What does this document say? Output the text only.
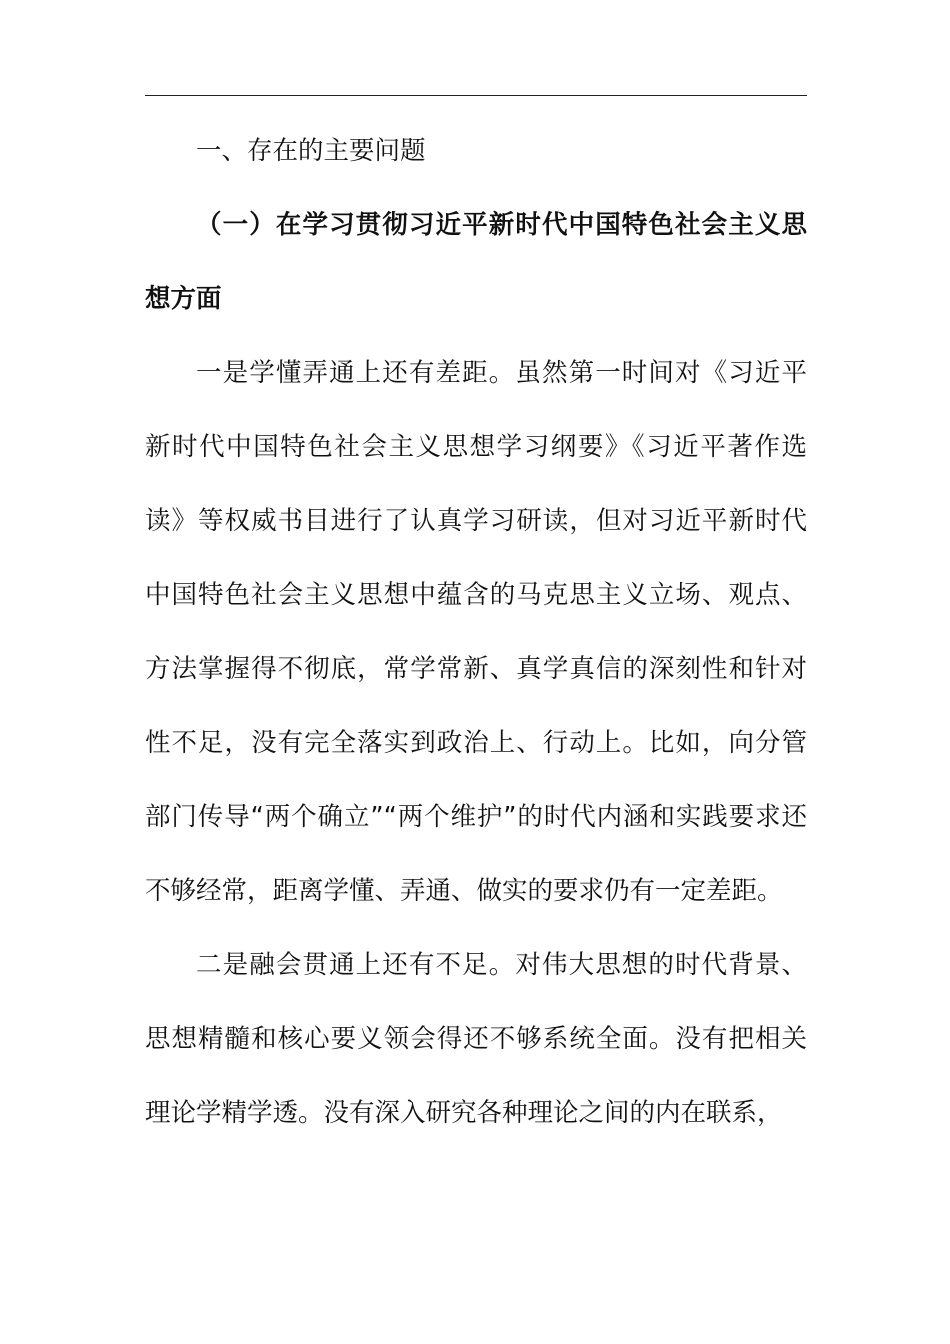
一、存在的主要问题

（一）在学习贯彻习近平新时代中国特色社会主义思想方面

一是学懂弄通上还有差距。虽然第一时间对《习近平新时代中国特色社会主义思想学习纲要》《习近平著作选读》等权威书目进行了认真学习研读，但对习近平新时代中国特色社会主义思想中蕴含的马克思主义立场、观点、方法掌握得不彻底，常学常新、真学真信的深刻性和针对性不足，没有完全落实到政治上、行动上。比如，向分管部门传导“两个确立”“两个维护”的时代内涵和实践要求还不够经常，距离学懂、弄通、做实的要求仍有一定差距。

二是融会贯通上还有不足。对伟大思想的时代背景、思想精髓和核心要义领会得还不够系统全面。没有把相关理论学精学透。没有深入研究各种理论之间的内在联系，
